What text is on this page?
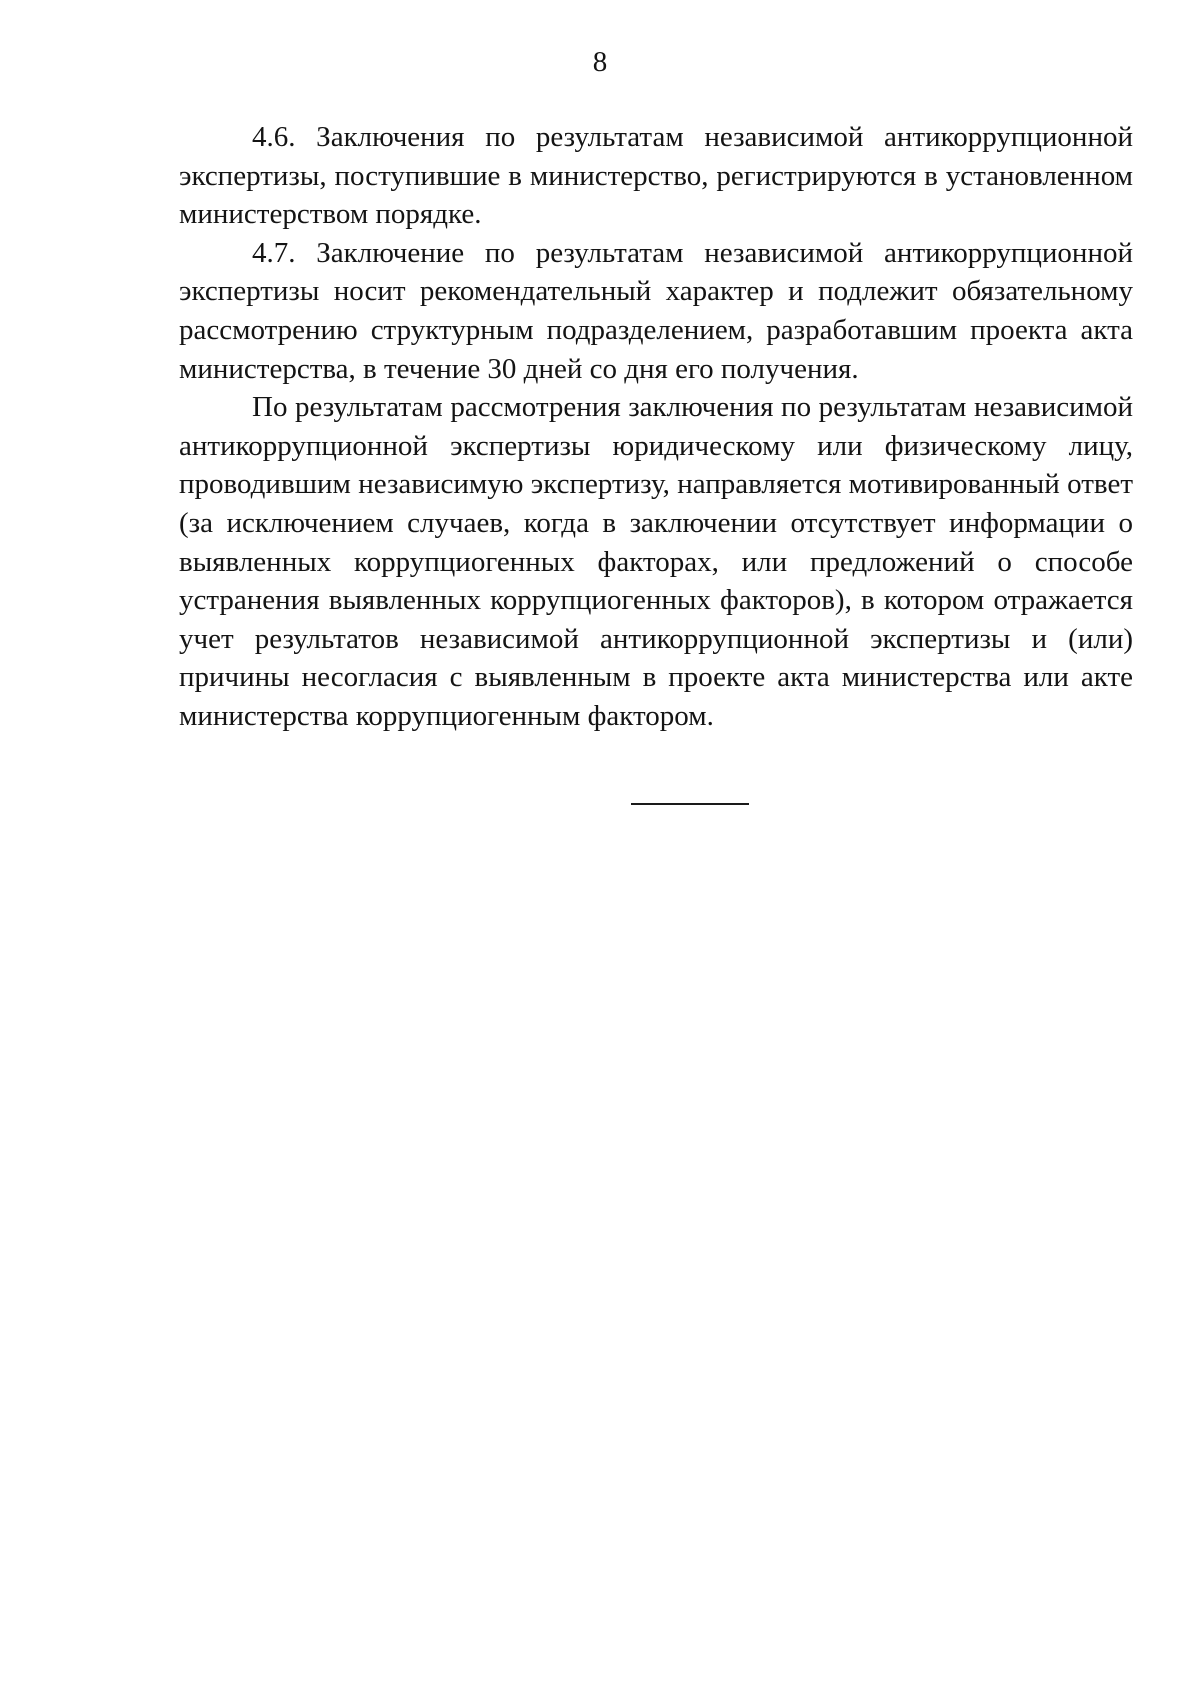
8

4.6. Заключения по результатам независимой антикоррупционной экспертизы, поступившие в министерство, регистрируются в установленном министерством порядке.

4.7. Заключение по результатам независимой антикоррупционной экспертизы носит рекомендательный характер и подлежит обязательному рассмотрению структурным подразделением, разработавшим проекта акта министерства, в течение 30 дней со дня его получения.

По результатам рассмотрения заключения по результатам независимой антикоррупционной экспертизы юридическому или физическому лицу, проводившим независимую экспертизу, направляется мотивированный ответ (за исключением случаев, когда в заключении отсутствует информации о выявленных коррупциогенных факторах, или предложений о способе устранения выявленных коррупциогенных факторов), в котором отражается учет результатов независимой антикоррупционной экспертизы и (или) причины несогласия с выявленным в проекте акта министерства или акте министерства коррупциогенным фактором.
